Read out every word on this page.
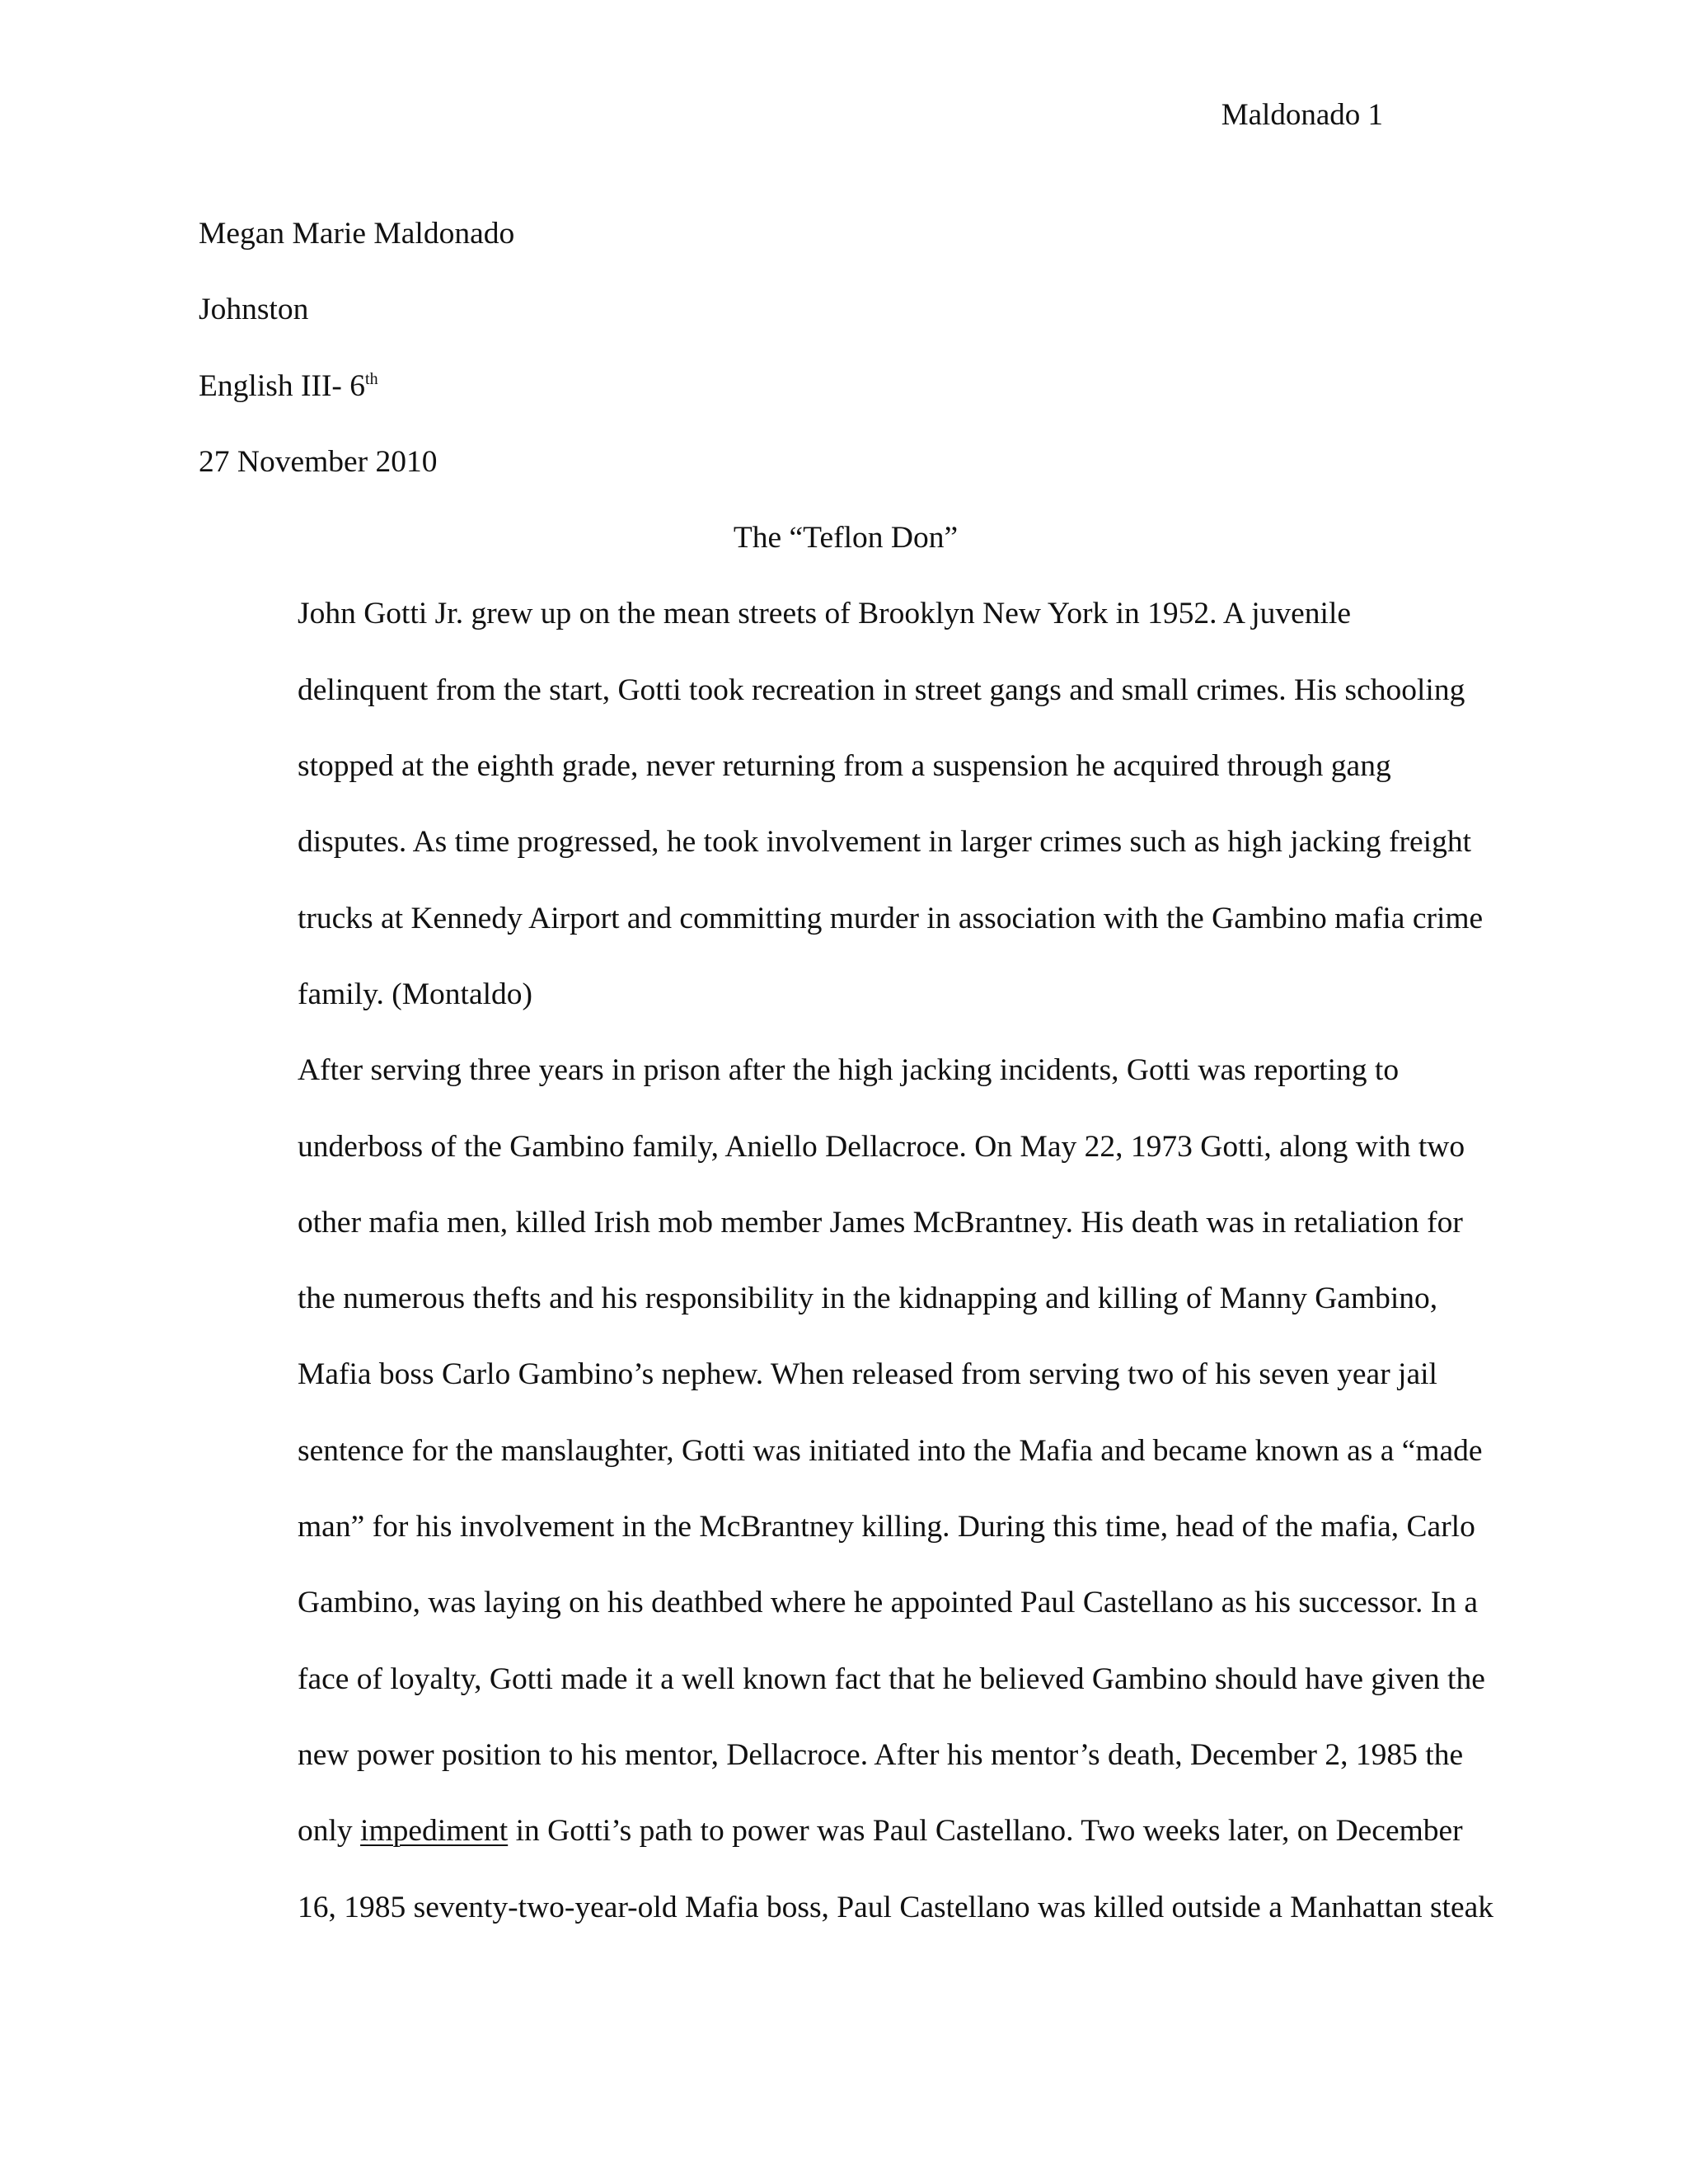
Maldonado 1

Megan Marie Maldonado

Johnston

English III- 6th

27 November 2010

The “Teflon Don”

John Gotti Jr. grew up on the mean streets of Brooklyn New York in 1952. A juvenile
delinquent from the start, Gotti took recreation in street gangs and small crimes. His schooling
stopped at the eighth grade, never returning from a suspension he acquired through gang
disputes. As time progressed, he took involvement in larger crimes such as high jacking freight
trucks at Kennedy Airport and committing murder in association with the Gambino mafia crime
family. (Montaldo)

After serving three years in prison after the high jacking incidents, Gotti was reporting to
underboss of the Gambino family, Aniello Dellacroce. On May 22, 1973 Gotti, along with two
other mafia men, killed Irish mob member James McBrantney. His death was in retaliation for
the numerous thefts and his responsibility in the kidnapping and killing of Manny Gambino,
Mafia boss Carlo Gambino’s nephew. When released from serving two of his seven year jail
sentence for the manslaughter, Gotti was initiated into the Mafia and became known as a “made
man” for his involvement in the McBrantney killing. During this time, head of the mafia, Carlo
Gambino, was laying on his deathbed where he appointed Paul Castellano as his successor. In a
face of loyalty, Gotti made it a well known fact that he believed Gambino should have given the
new power position to his mentor, Dellacroce. After his mentor’s death, December 2, 1985 the
only impediment in Gotti’s path to power was Paul Castellano. Two weeks later, on December
16, 1985 seventy-two-year-old Mafia boss, Paul Castellano was killed outside a Manhattan steak
